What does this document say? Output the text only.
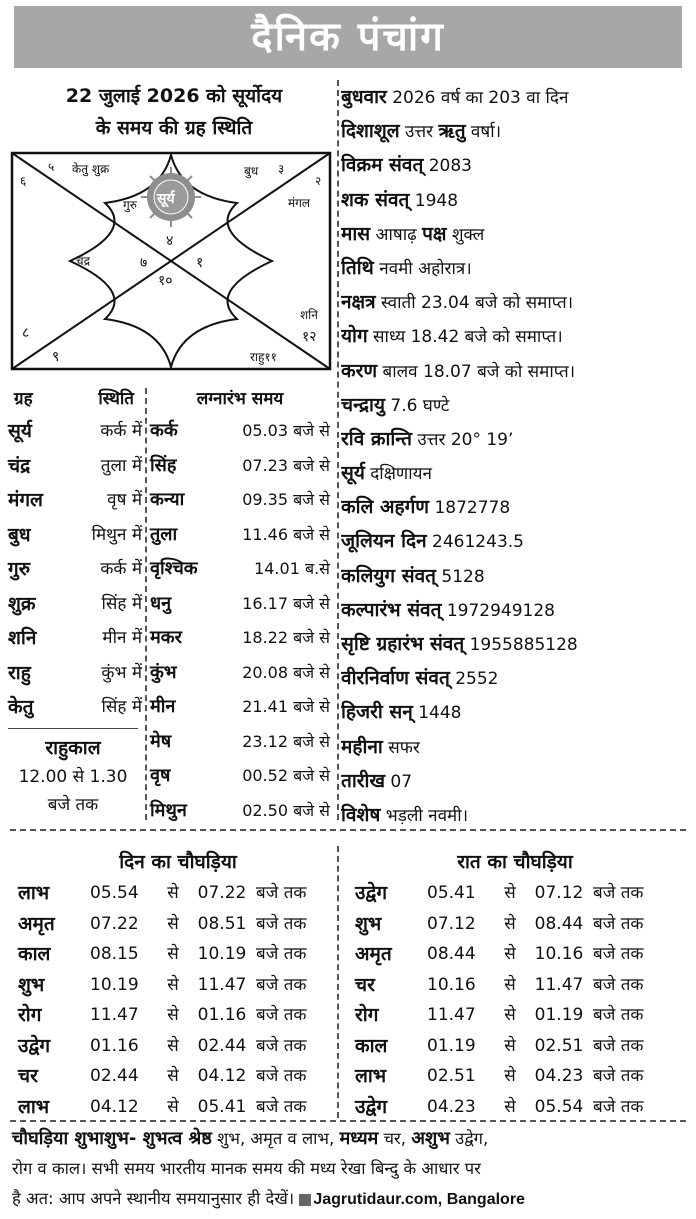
दैनिक पंचांग
22 जुलाई 2026 को सूर्योदय
के समय की ग्रह स्थिति
५
६
केतु शुक्र	बुध ३
२
मंगल
गुरु सूर्य
४
चंद्र	७	१
१०
शनि
१२
८
९	राहु११
ग्रह	स्थिति
सूर्य	कर्क में
चंद्र	तुला में
मंगल	वृष में
बुध	मिथुन में
गुरु	कर्क में
शुक्र	सिंह में
शनि	मीन में
राहु	कुंभ में
केतु	सिंह में
राहुकाल
12.00 से 1.30
बजे तक
लग्नारंभ समय
कर्क	05.03 बजे से
सिंह	07.23 बजे से
कन्या	09.35 बजे से
तुला	11.46 बजे से
वृश्चिक	14.01 ब.से
धनु	16.17 बजे से
मकर	18.22 बजे से
कुंभ	20.08 बजे से
मीन	21.41 बजे से
मेष	23.12 बजे से
वृष	00.52 बजे से
मिथुन	02.50 बजे से
बुधवार 2026 वर्ष का 203 वा दिन
दिशाशूल उत्तर ऋतु वर्षा।
विक्रम संवत् 2083
शक संवत् 1948
मास आषाढ़ पक्ष शुक्ल
तिथि नवमी अहोरात्र।
नक्षत्र स्वाती 23.04 बजे को समाप्त।
योग साध्य 18.42 बजे को समाप्त।
करण बालव 18.07 बजे को समाप्त।
चन्द्रायु 7.6 घण्टे
रवि क्रान्ति उत्तर 20° 19’
सूर्य दक्षिणायन
कलि अहर्गण 1872778
जूलियन दिन 2461243.5
कलियुग संवत् 5128
कल्पारंभ संवत् 1972949128
सृष्टि ग्रहारंभ संवत् 1955885128
वीरनिर्वाण संवत् 2552
हिजरी सन् 1448
महीना सफर
तारीख 07
विशेष भड़ली नवमी।
दिन का चौघड़िया
लाभ	05.54	से	07.22 बजे तक
अमृत	07.22	से	08.51 बजे तक
काल	08.15	से	10.19 बजे तक
शुभ	10.19	से	11.47 बजे तक
रोग	11.47	से	01.16 बजे तक
उद्वेग	01.16	से	02.44 बजे तक
चर	02.44	से	04.12 बजे तक
लाभ	04.12	से	05.41 बजे तक
रात का चौघड़िया
उद्वेग	05.41	से	07.12 बजे तक
शुभ	07.12	से	08.44 बजे तक
अमृत	08.44	से	10.16 बजे तक
चर	10.16	से	11.47 बजे तक
रोग	11.47	से	01.19 बजे तक
काल	01.19	से	02.51 बजे तक
लाभ	02.51	से	04.23 बजे तक
उद्वेग	04.23	से	05.54 बजे तक
चौघड़िया शुभाशुभ- शुभत्व श्रेष्ठ शुभ, अमृत व लाभ, मध्यम चर, अशुभ उद्वेग,
रोग व काल। सभी समय भारतीय मानक समय की मध्य रेखा बिन्दु के आधार पर
है अत: आप अपने स्थानीय समयानुसार ही देखें। Jagrutidaur.com, Bangalore
